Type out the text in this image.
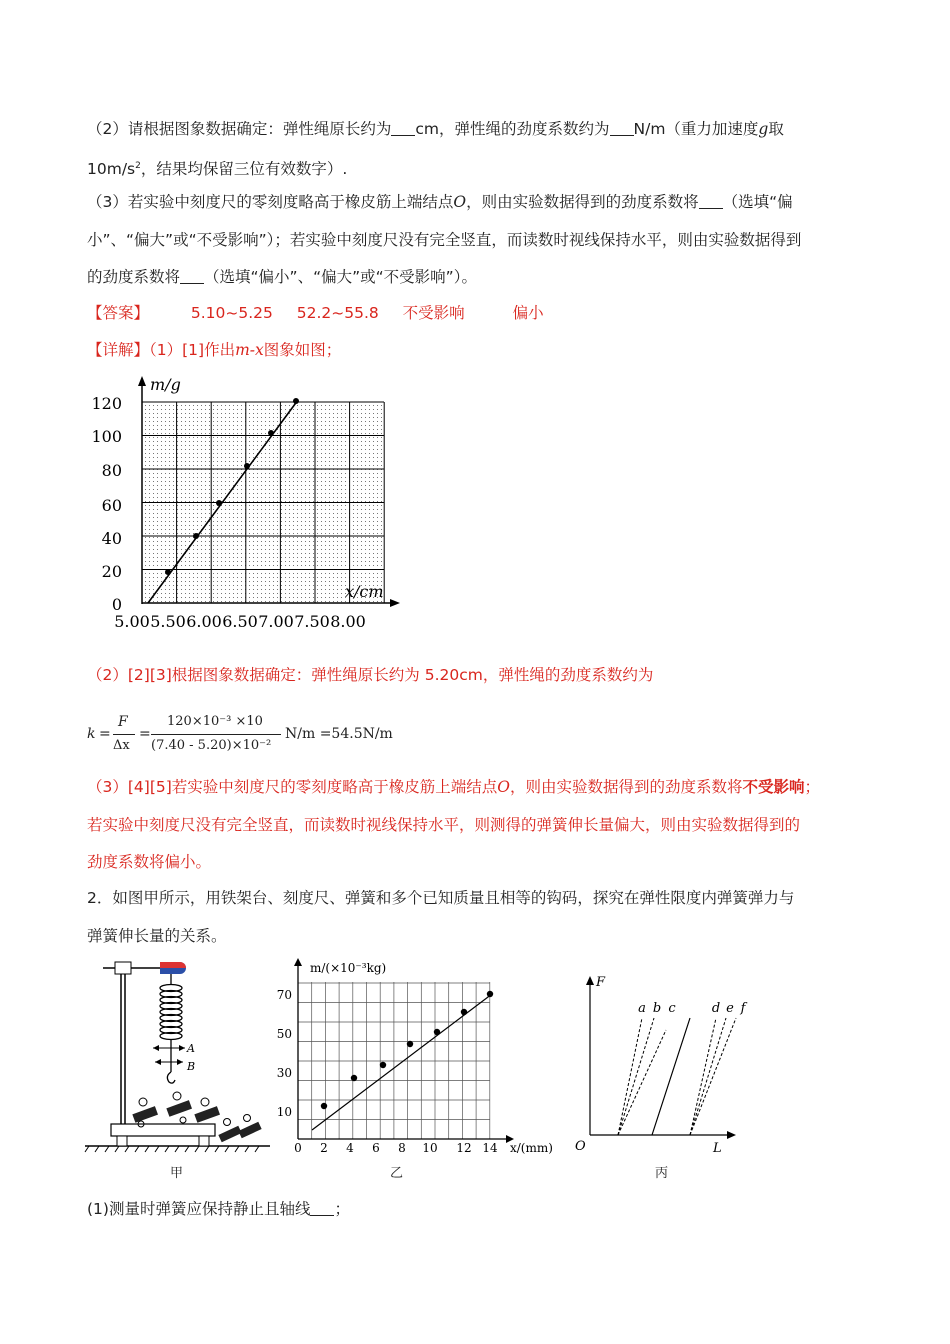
（2）请根据图象数据确定：弹性绳原长约为 cm，弹性绳的劲度系数约为 N/m（重力加速度g取
$10m/s^2$，结果均保留三位有效数字）.
（3）若实验中刻度尺的零刻度略高于橡皮筋上端结点O，则由实验数据得到的劲度系数将 （选填“偏
小”、“偏大”或“不受影响”）；若实验中刻度尺没有完全竖直，而读数时视线保持水平，则由实验数据得到
的劲度系数将 （选填“偏小”、“偏大”或“不受影响”）。
【答案】	5.10~5.25 52.2~55.8 不受影响	偏小
【详解】（1）[1]作出m-x图象如图；
m/g
x/cm
0
20
40
60
80
100
120
5.00 5.50 6.00 6.50 7.00 7.50 8.00
（2）[2][3]根据图象数据确定：弹性绳原长约为 5.20cm，弹性绳的劲度系数约为
k =
F
Δx
=
120×10⁻³ ×10
(7.40 - 5.20)×10⁻²
N/m =54.5N/m
（3）[4][5]若实验中刻度尺的零刻度略高于橡皮筋上端结点O，则由实验数据得到的劲度系数将不受影响；
若实验中刻度尺没有完全竖直，而读数时视线保持水平，则测得的弹簧伸长量偏大，则由实验数据得到的
劲度系数将偏小。
2．如图甲所示，用铁架台、刻度尺、弹簧和多个已知质量且相等的钩码，探究在弹性限度内弹簧弹力与
弹簧伸长量的关系。
A
B
甲
m/(×10⁻³kg)
x/(mm)
10
30
50
70
0 2 4 6 8 10 12 14
乙
F
L
O
a b c	d e f
丙
(1)测量时弹簧应保持静止且轴线 ；
